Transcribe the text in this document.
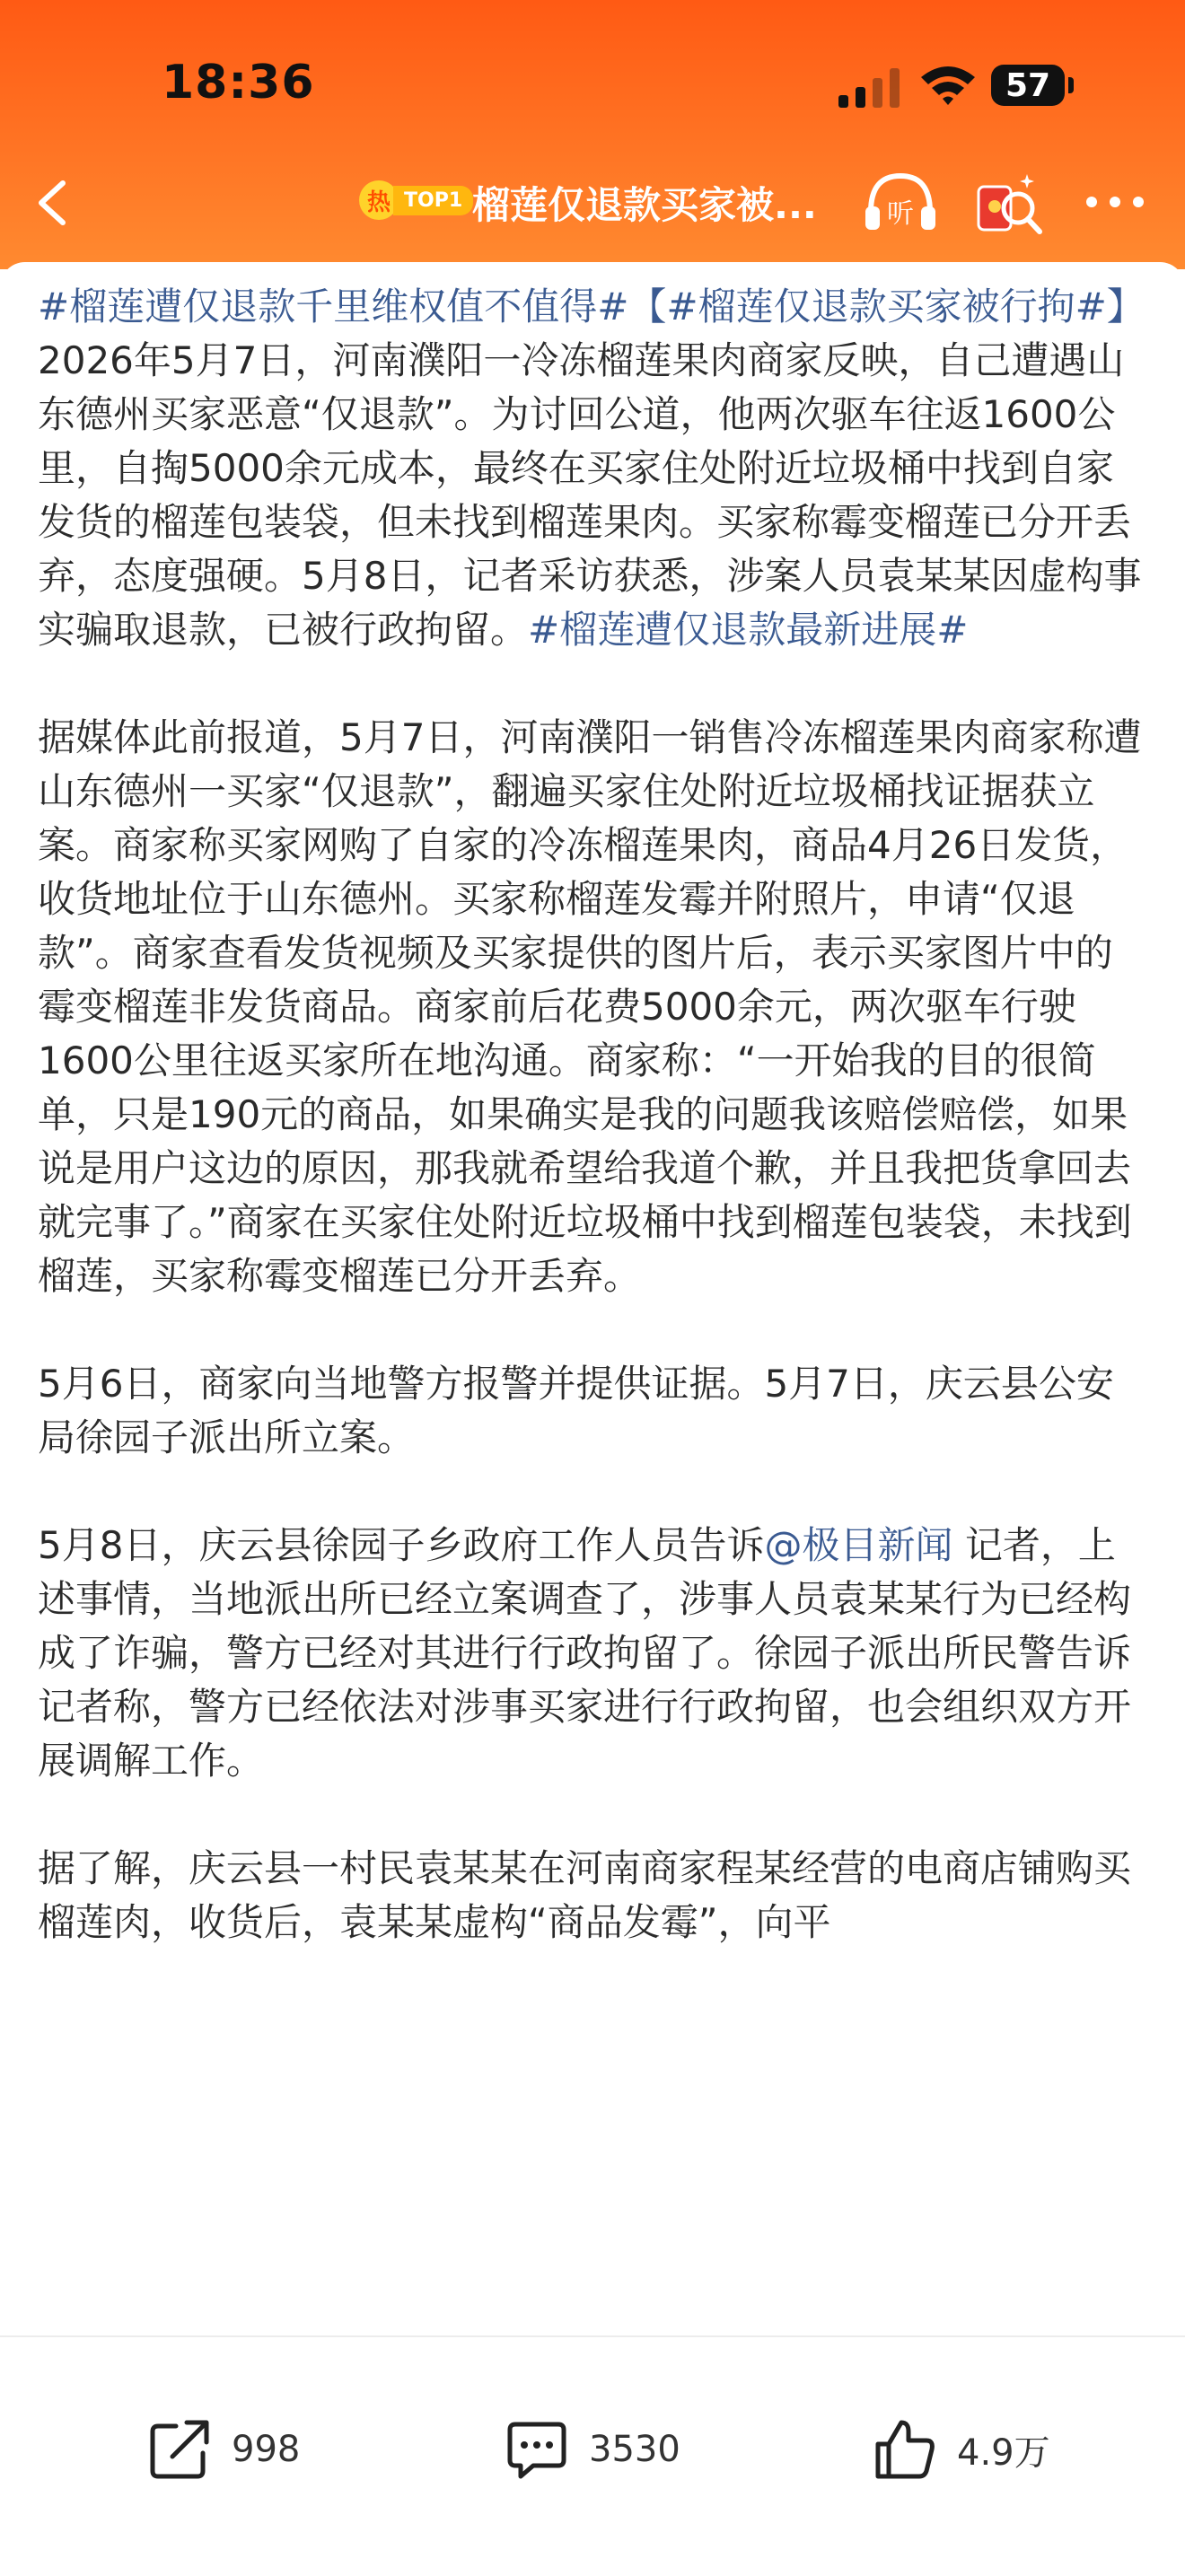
18:36	57
热 TOP1 榴莲仅退款买家被...	听

#榴莲遭仅退款千里维权值不值得#【#榴莲仅退款买家被行拘#】 2026年5月7日，河南濮阳一冷冻榴莲果肉商家反映，自己遭遇山东德州买家恶意“仅退款”。为讨回公道，他两次驱车往返1600公里，自掏5000余元成本，最终在买家住处附近垃圾桶中找到自家发货的榴莲包装袋，但未找到榴莲果肉。买家称霉变榴莲已分开丢弃，态度强硬。5月8日，记者采访获悉，涉案人员袁某某因虚构事实骗取退款，已被行政拘留。#榴莲遭仅退款最新进展#

据媒体此前报道，5月7日，河南濮阳一销售冷冻榴莲果肉商家称遭山东德州一买家“仅退款”，翻遍买家住处附近垃圾桶找证据获立案。商家称买家网购了自家的冷冻榴莲果肉，商品4月26日发货，收货地址位于山东德州。买家称榴莲发霉并附照片，申请“仅退款”。商家查看发货视频及买家提供的图片后，表示买家图片中的霉变榴莲非发货商品。商家前后花费5000余元，两次驱车行驶1600公里往返买家所在地沟通。商家称：“一开始我的目的很简单，只是190元的商品，如果确实是我的问题我该赔偿赔偿，如果说是用户这边的原因，那我就希望给我道个歉，并且我把货拿回去就完事了。”商家在买家住处附近垃圾桶中找到榴莲包装袋，未找到榴莲，买家称霉变榴莲已分开丢弃。

5月6日，商家向当地警方报警并提供证据。5月7日，庆云县公安局徐园子派出所立案。

5月8日，庆云县徐园子乡政府工作人员告诉@极目新闻 记者，上述事情，当地派出所已经立案调查了，涉事人员袁某某行为已经构成了诈骗，警方已经对其进行行政拘留了。徐园子派出所民警告诉记者称，警方已经依法对涉事买家进行行政拘留，也会组织双方开展调解工作。

据了解，庆云县一村民袁某某在河南商家程某经营的电商店铺购买榴莲肉，收货后，袁某某虚构“商品发霉”，向平

998	3530	4.9万
